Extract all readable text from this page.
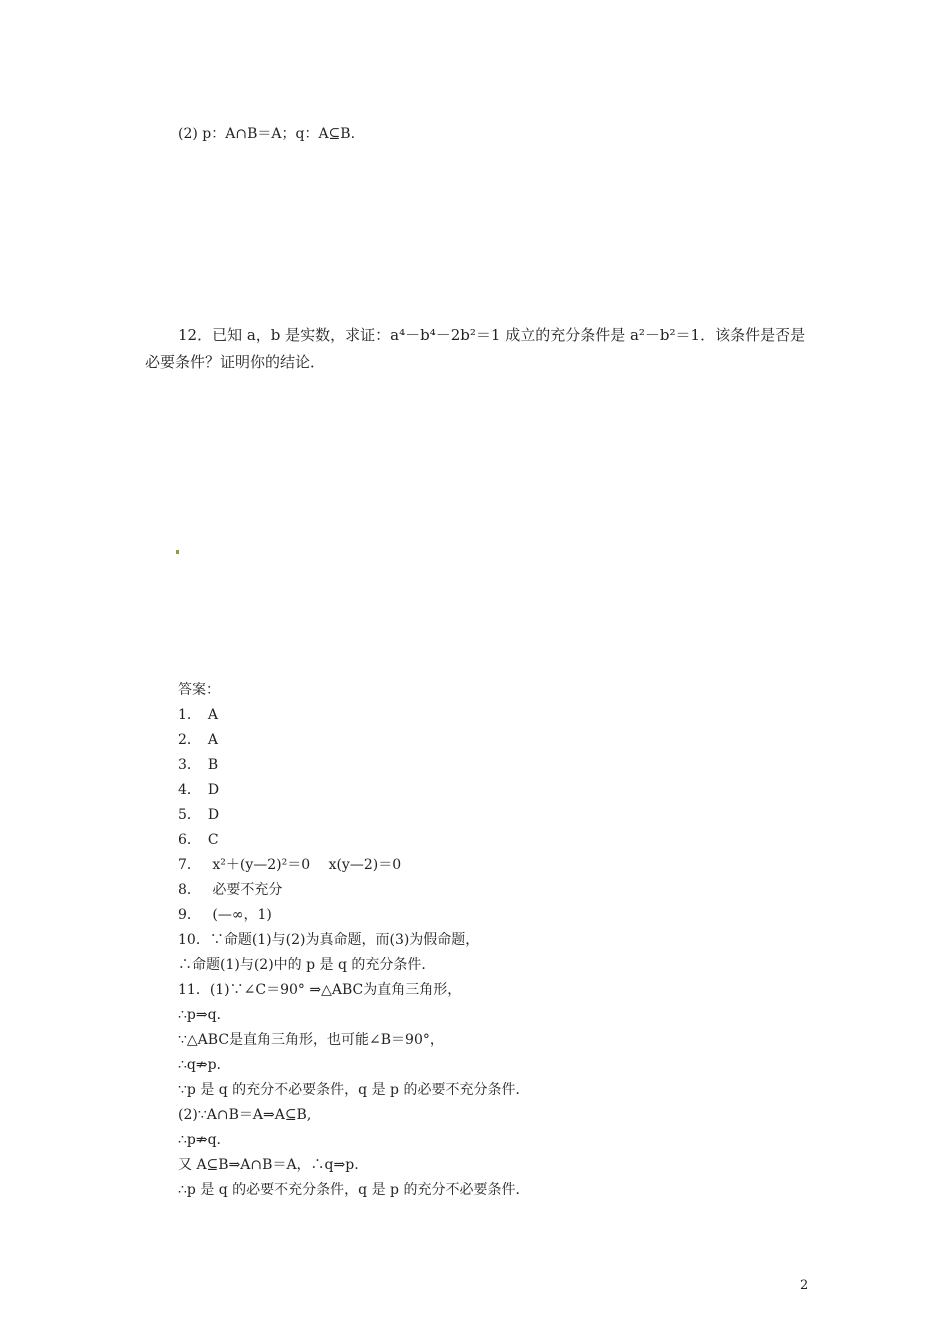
(2) p：A∩B＝A；q：A⊆B.
12．已知 a，b 是实数，求证：a⁴－b⁴－2b²＝1 成立的充分条件是 a²－b²＝1．该条件是否是
必要条件？证明你的结论．
答案：
1．　A
2．　A
3．　B
4．　D
5．　D
6．　C
7．　 x²＋(y—2)²＝0　 x(y—2)＝0
8．　 必要不充分
9．　 (—∞，1)
10．∵命题(1)与(2)为真命题，而(3)为假命题，
∴命题(1)与(2)中的 p 是 q 的充分条件．
11．(1)∵∠C＝90° ⇒△ABC为直角三角形，
∴p⇒q.
∵△ABC是直角三角形，也可能∠B＝90°，
∴q⇏p.
∵p 是 q 的充分不必要条件，q 是 p 的必要不充分条件．
(2)∵A∩B＝A⇒A⊆B,
∴p⇏q.
又 A⊆B⇒A∩B＝A，∴q⇒p.
∴p 是 q 的必要不充分条件，q 是 p 的充分不必要条件．
2
